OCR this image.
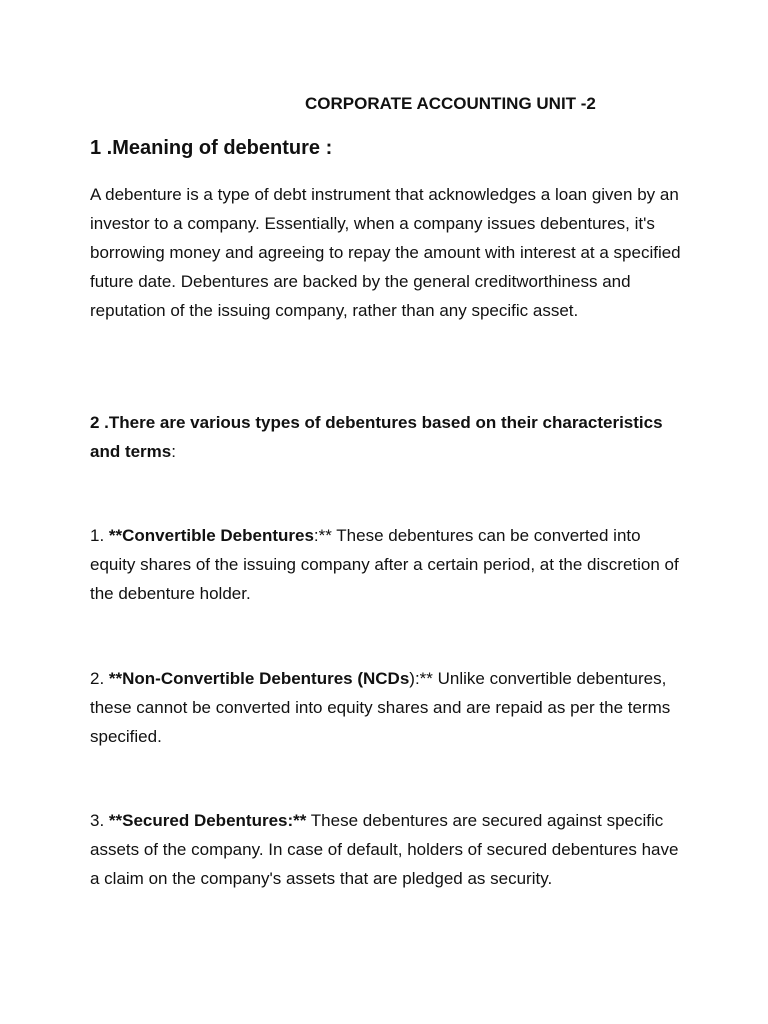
CORPORATE ACCOUNTING UNIT -2
1 .Meaning of debenture :
A debenture is a type of debt instrument that acknowledges a loan given by an investor to a company. Essentially, when a company issues debentures, it's borrowing money and agreeing to repay the amount with interest at a specified future date. Debentures are backed by the general creditworthiness and reputation of the issuing company, rather than any specific asset.
2 .There are various types of debentures based on their characteristics and terms:
1. **Convertible Debentures:** These debentures can be converted into equity shares of the issuing company after a certain period, at the discretion of the debenture holder.
2. **Non-Convertible Debentures (NCDs):** Unlike convertible debentures, these cannot be converted into equity shares and are repaid as per the terms specified.
3. **Secured Debentures:** These debentures are secured against specific assets of the company. In case of default, holders of secured debentures have a claim on the company's assets that are pledged as security.
